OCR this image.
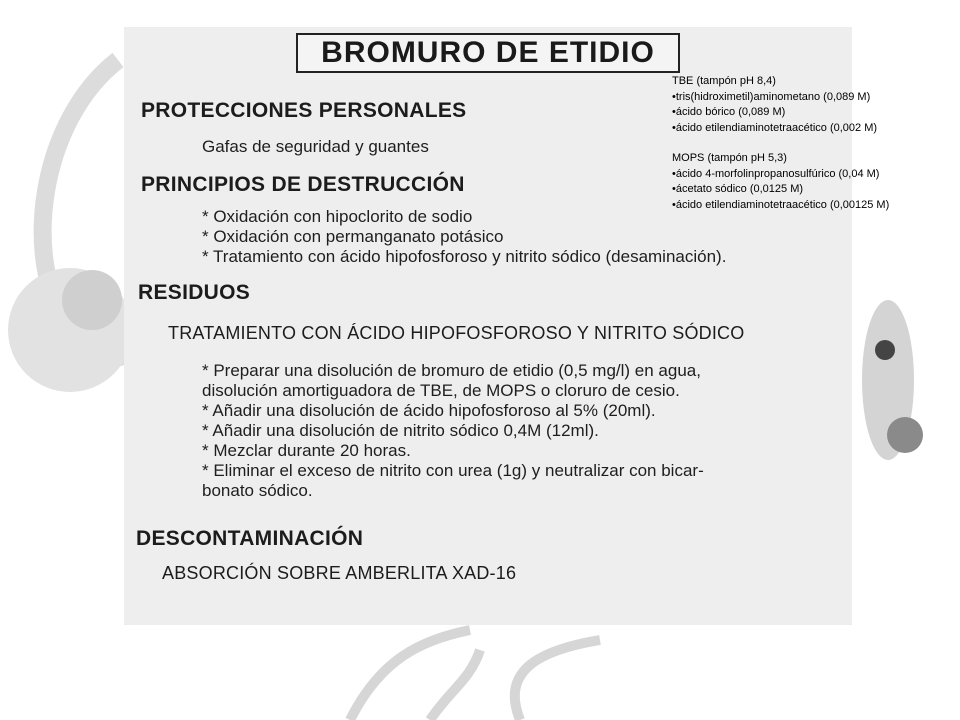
BROMURO DE ETIDIO
PROTECCIONES PERSONALES
Gafas de seguridad y guantes
PRINCIPIOS DE DESTRUCCIÓN
* Oxidación con hipoclorito de sodio
* Oxidación con permanganato potásico
* Tratamiento con ácido hipofosforoso y nitrito sódico (desaminación).
RESIDUOS
TRATAMIENTO CON ÁCIDO HIPOFOSFOROSO Y NITRITO SÓDICO
* Preparar una disolución de bromuro de etidio (0,5 mg/l) en agua,
disolución amortiguadora de TBE, de MOPS o cloruro de cesio.
* Añadir una disolución de ácido hipofosforoso al 5% (20ml).
* Añadir una disolución de nitrito sódico 0,4M (12ml).
* Mezclar durante 20 horas.
* Eliminar el exceso de nitrito con urea (1g) y neutralizar con bicar-
bonato sódico.
DESCONTAMINACIÓN
ABSORCIÓN SOBRE AMBERLITA XAD-16
TBE (tampón pH 8,4)
•tris(hidroximetil)aminometano (0,089 M)
•ácido bórico (0,089 M)
•ácido etilendiaminotetraacético (0,002 M)
MOPS (tampón pH 5,3)
•ácido 4-morfolinpropanosulfúrico (0,04 M)
•ácetato sódico (0,0125 M)
•ácido etilendiaminotetraacético (0,00125 M)
